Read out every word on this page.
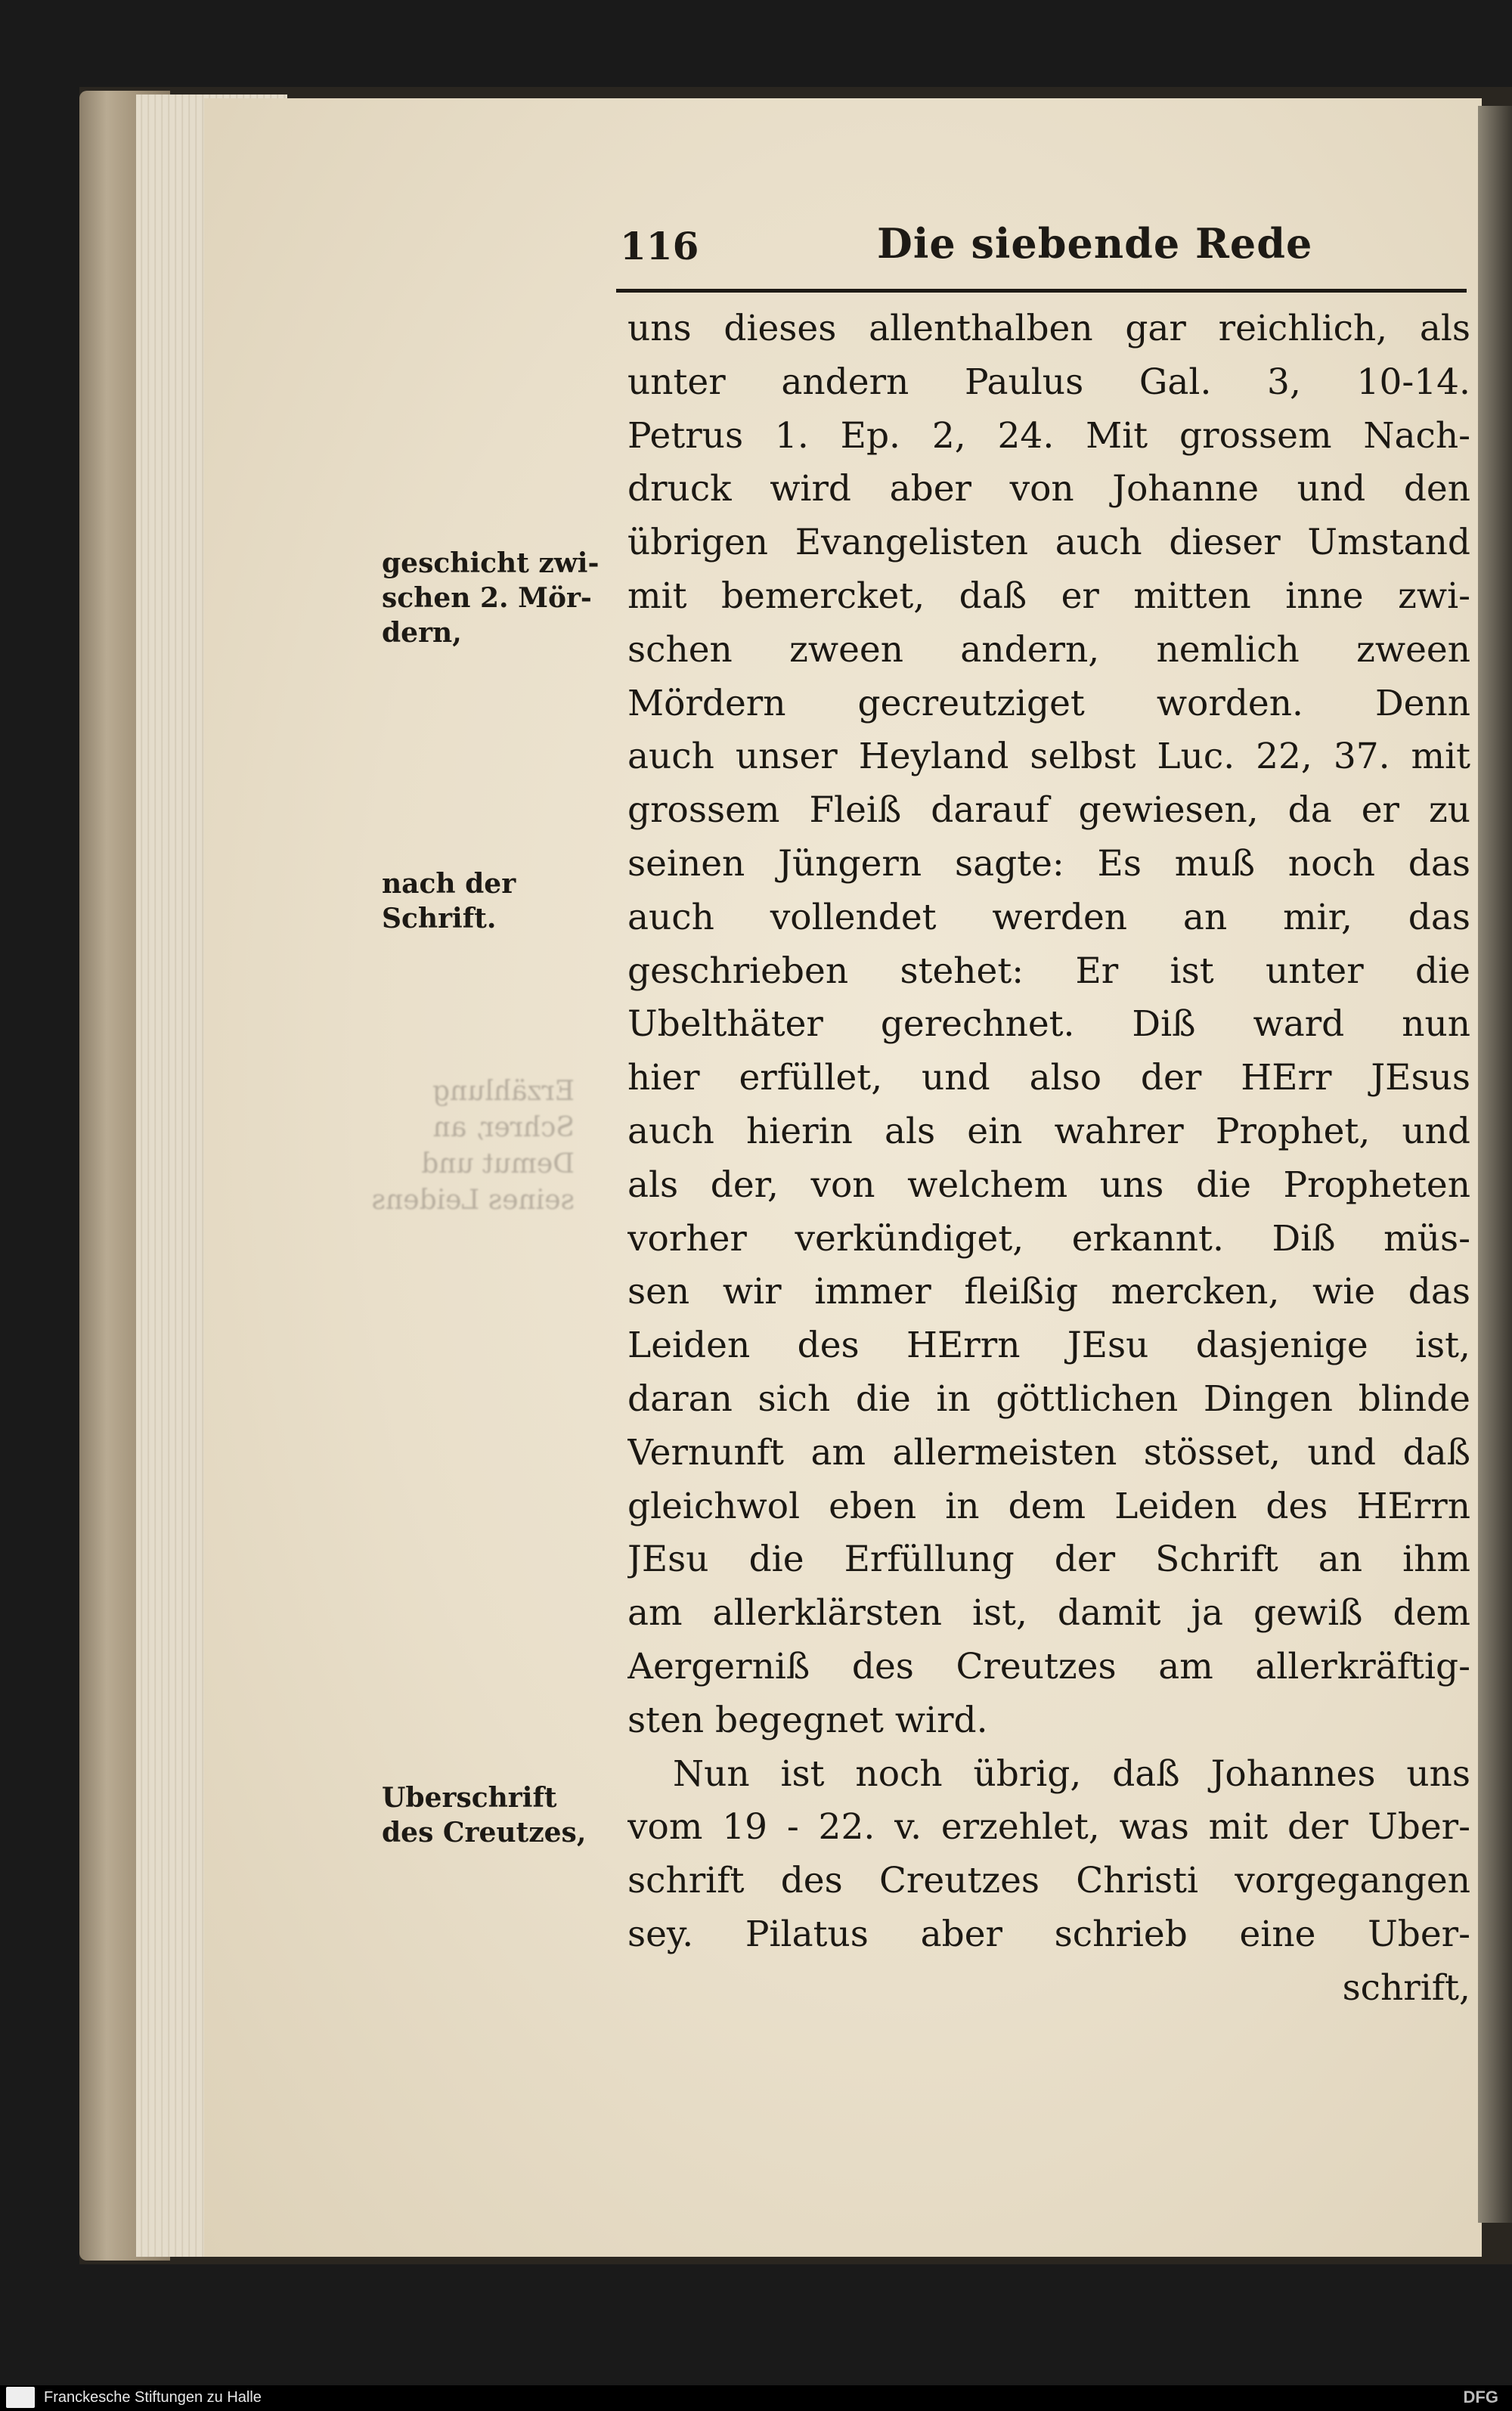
116	Die siebende Rede
Erzählung
Schrer, an
Demut und
seines Leidens
geschicht zwi-
schen 2. Mör-
dern,
nach der
Schrift.
Uberschrift
des Creutzes,
uns dieses allenthalben gar reichlich, als
unter andern Paulus Gal. 3, 10-14.
Petrus 1. Ep. 2, 24. Mit grossem Nach-
druck wird aber von Johanne und den
übrigen Evangelisten auch dieser Umstand
mit bemercket, daß er mitten inne zwi-
schen zween andern, nemlich zween
Mördern gecreutziget worden. Denn
auch unser Heyland selbst Luc. 22, 37. mit
grossem Fleiß darauf gewiesen, da er zu
seinen Jüngern sagte: Es muß noch das
auch vollendet werden an mir, das
geschrieben stehet: Er ist unter die
Ubelthäter gerechnet. Diß ward nun
hier erfüllet, und also der HErr JEsus
auch hierin als ein wahrer Prophet, und
als der, von welchem uns die Propheten
vorher verkündiget, erkannt. Diß müs-
sen wir immer fleißig mercken, wie das
Leiden des HErrn JEsu dasjenige ist,
daran sich die in göttlichen Dingen blinde
Vernunft am allermeisten stösset, und daß
gleichwol eben in dem Leiden des HErrn
JEsu die Erfüllung der Schrift an ihm
am allerklärsten ist, damit ja gewiß dem
Aergerniß des Creutzes am allerkräftig-
sten begegnet wird.
Nun ist noch übrig, daß Johannes uns
vom 19 - 22. v. erzehlet, was mit der Uber-
schrift des Creutzes Christi vorgegangen
sey. Pilatus aber schrieb eine Uber-
schrift,
Franckesche Stiftungen zu Halle	DFG
